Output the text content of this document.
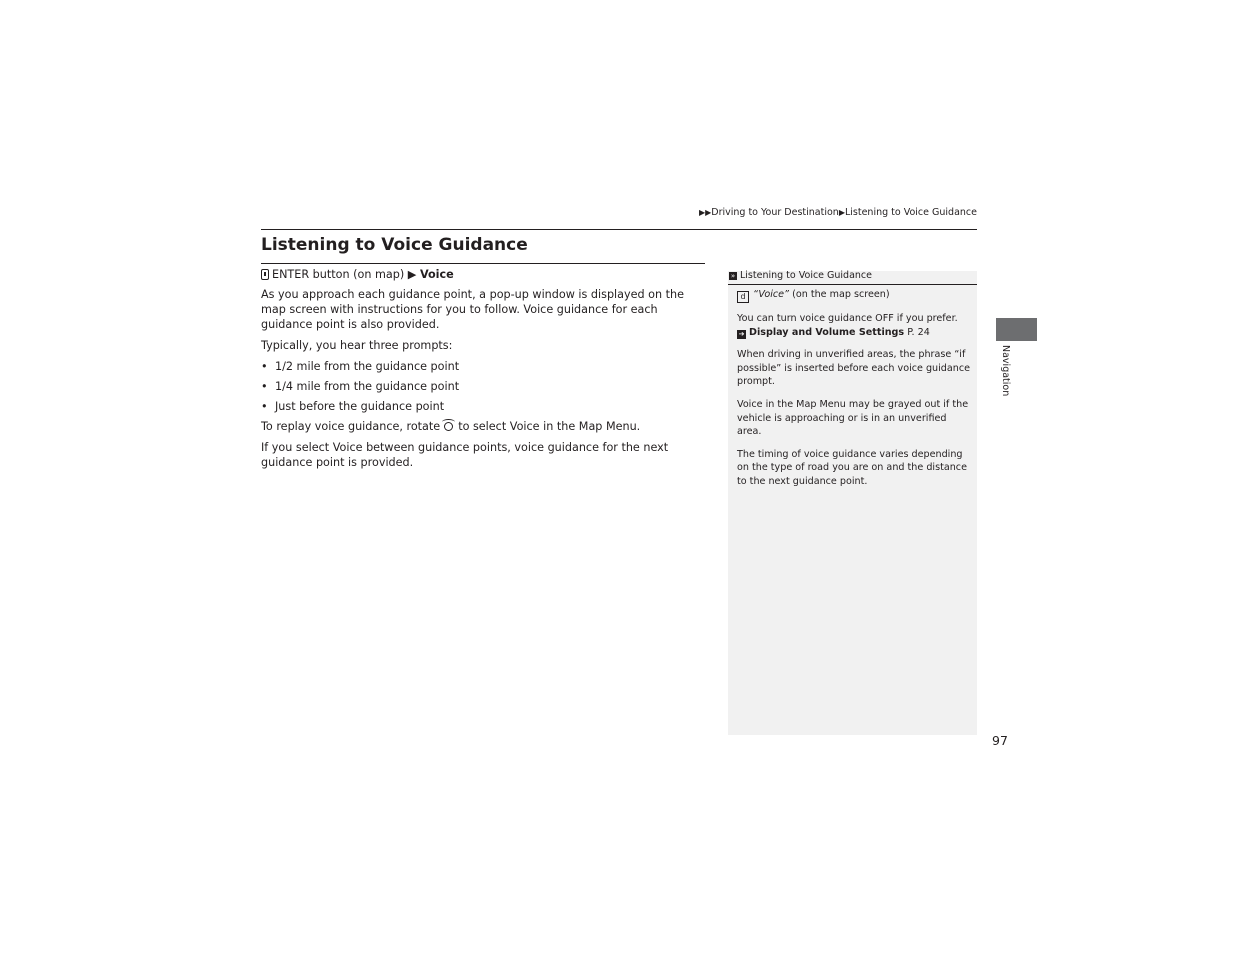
▶▶Driving to Your Destination▶Listening to Voice Guidance
Listening to Voice Guidance

ENTER button (on map) ▶ Voice

As you approach each guidance point, a pop-up window is displayed on the map screen with instructions for you to follow. Voice guidance for each guidance point is also provided.

Typically, you hear three prompts:

• 1/2 mile from the guidance point
• 1/4 mile from the guidance point
• Just before the guidance point

To replay voice guidance, rotate to select Voice in the Map Menu.

If you select Voice between guidance points, voice guidance for the next guidance point is provided.

» Listening to Voice Guidance

d “Voice” (on the map screen)

You can turn voice guidance OFF if you prefer.
➔ Display and Volume Settings P. 24

When driving in unverified areas, the phrase “if possible” is inserted before each voice guidance prompt.

Voice in the Map Menu may be grayed out if the vehicle is approaching or is in an unverified area.

The timing of voice guidance varies depending on the type of road you are on and the distance to the next guidance point.

Navigation
97
